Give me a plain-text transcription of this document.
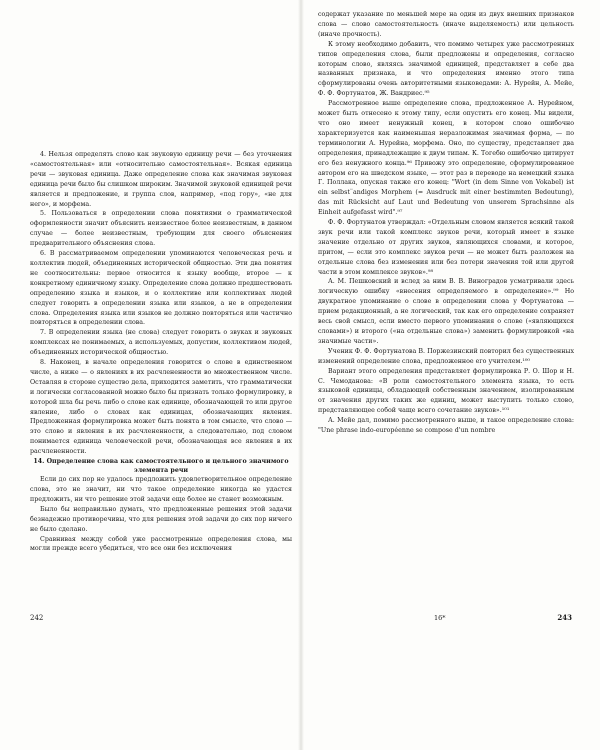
4. Нельзя определять слово как звуковую единицу речи — без уточнения «самостоятельная» или «относительно самостоятельная». Всякая единица речи — звуковая единица. Даже определение слова как значимая звуковая единица речи было бы слишком широким. Значимой звуковой единицей речи является и предложение, и группа слов, например, «под гору», «не для него», и морфема.

5. Пользоваться в определении слова понятиями о грамматической оформленности значит объяснить неизвестное более неизвестным, в данном случае — более неизвестным, требующим для своего объяснения предварительного объяснения слова.

6. В рассматриваемом определении упоминаются человеческая речь и коллектив людей, объединенных исторической общностью. Эти два понятия не соотносительны: первое относится к языку вообще, второе — к конкретному единичному языку. Определение слова должно предшествовать определению языка и языков, и о коллективе или коллективах людей следует говорить в определении языка или языков, а не в определении слова. Определения языка или языков не должно повторяться или частично повторяться в определении слова.

7. В определении языка (не слова) следует говорить о звуках и звуковых комплексах не понимаемых, а используемых, допустим, коллективом людей, объединенных исторической общностью.

8. Наконец, в начале определения говорится о слове в единственном числе, а ниже — о явлениях в их расчлененности во множественном числе. Оставляя в стороне существо дела, приходится заметить, что грамматически и логически согласованной можно было бы признать только формулировку, в которой шла бы речь либо о слове как единице, обозначающей то или другое явление, либо о словах как единицах, обозначающих явления. Предложенная формулировка может быть понята в том смысле, что слово — это слово и явления в их расчлененности, а следовательно, под словом понимается единица человеческой речи, обозначающая все явления в их расчлененности.

14. Определение слова как самостоятельного и цельного значимого элемента речи

Если до сих пор не удалось предложить удовлетворительное определение слова, это не значит, ни что такое определение никогда не удастся предложить, ни что решение этой задачи еще более не станет возможным.

Было бы неправильно думать, что предложенные решения этой задачи безнадежно противоречивы, что для решения этой задачи до сих пор ничего не было сделано.

Сравнивая между собой уже рассмотренные определения слова, мы могли прежде всего убедиться, что все они без исключения

242

содержат указание по меньшей мере на один из двух внешних признаков слова — слово самостоятельность (иначе выделяемость) или цельность (иначе прочность).

К этому необходимо добавить, что помимо четырех уже рассмотренных типов определения слова, были предложены и определения, согласно которым слово, являясь значимой единицей, представляет в себе два названных признака, и что определения именно этого типа сформулированы очень авторитетными языковедами: А. Нурейн, А. Мейе, Ф. Ф. Фортунатов, Ж. Вандриес.⁹⁵

Рассмотренное выше определение слова, предложенное А. Нурейном, может быть отнесено к этому типу, если опустить его конец. Мы видели, что оно имеет ненужный конец, в котором слово ошибочно характеризуется как наименьшая неразложимая значимая форма, — по терминологии А. Нурейна, морфема. Оно, по существу, представляет два определения, принадлежащие к двум типам. К. Тогебю ошибочно цитирует его без ненужного конца.⁹⁶ Привожу это определение, сформулированное автором его на шведском языке, — этот раз в переводе на немецкий языка Г. Поллака, опуская также его конец: "Wort (in dem Sinne von Vokabel) ist ein selbst¨andiges Morphem (= Ausdruck mit einer bestimmten Bedeutung), das mit Rücksicht auf Laut und Bedeutung von unserem Sprachsinne als Einheit aufgefasst wird".⁹⁷

Ф. Ф. Фортунатов утверждал: «Отдельным словом является всякий такой звук речи или такой комплекс звуков речи, который имеет в языке значение отдельно от других звуков, являющихся словами, и которое, притом, — если это комплекс звуков речи — не может быть разложен на отдельные слова без изменения или без потери значения той или другой части в этом комплексе звуков».⁹⁸

А. М. Пешковский и вслед за ним В. В. Виноградов усматривали здесь логическую ошибку «внесения определяемого в определение».⁹⁹ Но двукратное упоминание о слове в определении слова у Фортунатова — прием редакционный, а не логический, так как его определение сохраняет весь свой смысл, если вместо первого упоминания о слове («являющихся словами») и второго («на отдельные слова») заменить формулировкой «на значимые части».

Ученик Ф. Ф. Фортунатова В. Поржезинский повторил без существенных изменений определение слова, предложенное его учителем.¹⁰⁰

Вариант этого определения представляет формулировка Р. О. Шор и Н. С. Чемоданова: «В роли самостоятельного элемента языка, то есть языковой единицы, обладающей собственным значением, изолированным от значения других таких же единиц, может выступить только слово, представляющее собой чаще всего сочетание звуков».¹⁰¹

А. Мейе дал, помимо рассмотренного выше, и такое определение слова: "Une phrase indo-européenne se compose d'un nombre

16*	243
